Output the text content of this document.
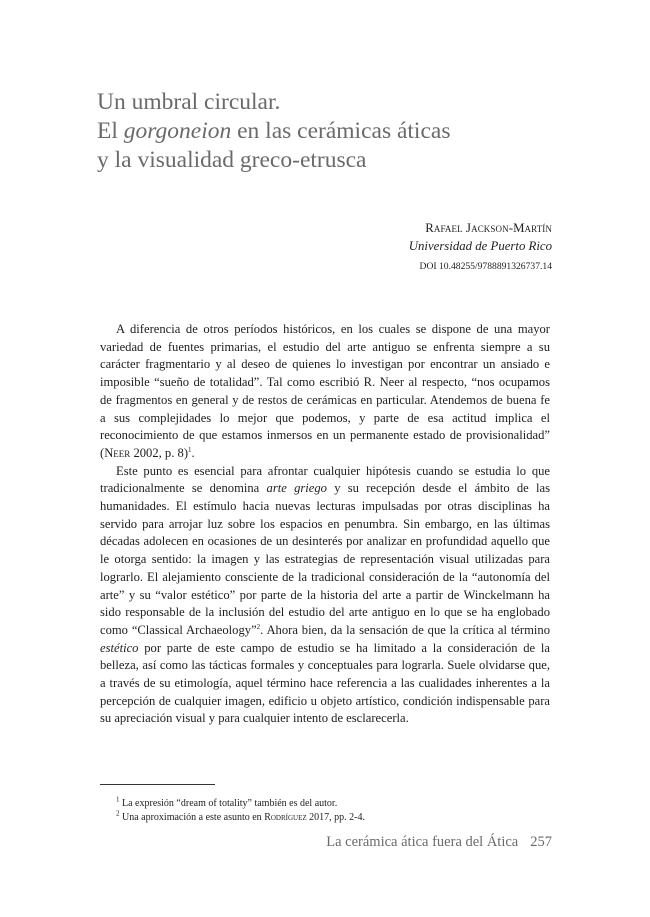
Un umbral circular.
El gorgoneion en las cerámicas áticas
y la visualidad greco-etrusca
Rafael Jackson-Martín
Universidad de Puerto Rico
DOI 10.48255/9788891326737.14

A diferencia de otros períodos históricos, en los cuales se dispone de una mayor variedad de fuentes primarias, el estudio del arte antiguo se enfrenta siempre a su carácter fragmentario y al deseo de quienes lo investigan por encontrar un ansiado e imposible “sueño de totalidad”. Tal como escribió R. Neer al respecto, “nos ocupamos de fragmentos en general y de restos de cerámicas en particular. Atendemos de buena fe a sus complejidades lo mejor que podemos, y parte de esa actitud implica el reconocimiento de que estamos inmersos en un permanente estado de provisionalidad” (Neer 2002, p. 8)$^1$.

Este punto es esencial para afrontar cualquier hipótesis cuando se estudia lo que tradicionalmente se denomina arte griego y su recepción desde el ámbito de las humanidades. El estímulo hacia nuevas lecturas impulsadas por otras disciplinas ha servido para arrojar luz sobre los espacios en penumbra. Sin embargo, en las últimas décadas adolecen en ocasiones de un desinterés por analizar en profundidad aquello que le otorga sentido: la imagen y las estrategias de representación visual utilizadas para lograrlo. El alejamiento consciente de la tradicional consideración de la “autonomía del arte” y su “valor estético” por parte de la historia del arte a partir de Winckelmann ha sido responsable de la inclusión del estudio del arte antiguo en lo que se ha englobado como “Classical Archaeology”$^2$. Ahora bien, da la sensación de que la crítica al término estético por parte de este campo de estudio se ha limitado a la consideración de la belleza, así como las tácticas formales y conceptuales para lograrla. Suele olvidarse que, a través de su etimología, aquel término hace referencia a las cualidades inherentes a la percepción de cualquier imagen, edificio u objeto artístico, condición indispensable para su apreciación visual y para cualquier intento de esclarecerla.

$^1$ La expresión “dream of totality” también es del autor.
$^2$ Una aproximación a este asunto en Rodríguez 2017, pp. 2-4.
La cerámica ática fuera del Ática 257
